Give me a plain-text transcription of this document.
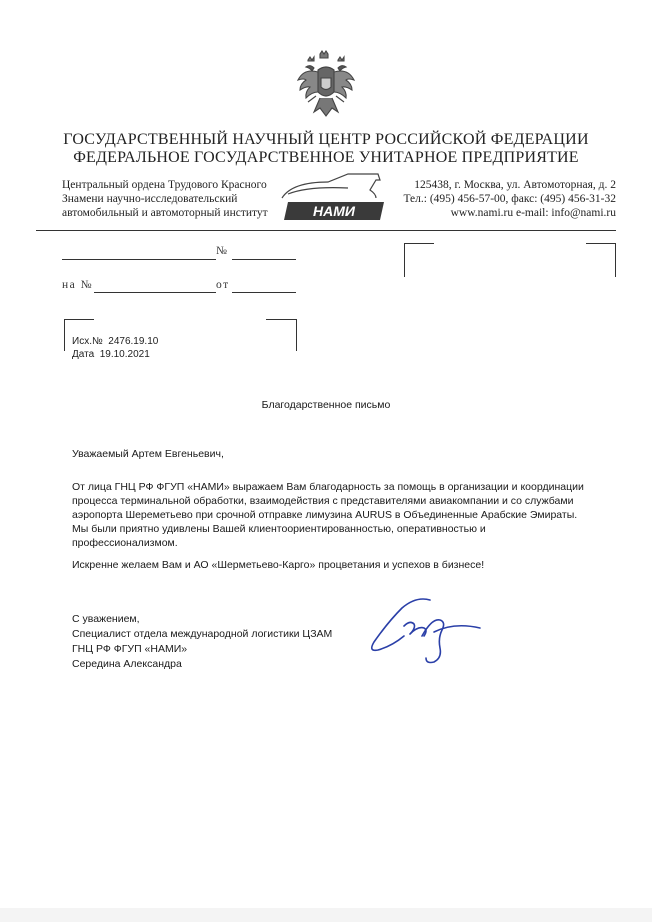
ГОСУДАРСТВЕННЫЙ НАУЧНЫЙ ЦЕНТР РОССИЙСКОЙ ФЕДЕРАЦИИ
ФЕДЕРАЛЬНОЕ ГОСУДАРСТВЕННОЕ УНИТАРНОЕ ПРЕДПРИЯТИЕ
Центральный ордена Трудового Красного
Знамени научно-исследовательский
автомобильный и автомоторный институт	НАМИ
125438, г. Москва, ул. Автомоторная, д. 2
Тел.: (495) 456-57-00, факс: (495) 456-31-32
www.nami.ru e-mail: info@nami.ru
№
на №	от
Исх.№ 2476.19.10
Дата 19.10.2021
Благодарственное письмо
Уважаемый Артем Евгеньевич,
От лица ГНЦ РФ ФГУП «НАМИ» выражаем Вам благодарность за помощь в организации и координации
процесса терминальной обработки, взаимодействия с представителями авиакомпании и со службами
аэропорта Шереметьево при срочной отправке лимузина AURUS в Объединенные Арабские Эмираты.
Мы были приятно удивлены Вашей клиентоориентированностью, оперативностью и
профессионализмом.
Искренне желаем Вам и АО «Шерметьево-Карго» процветания и успехов в бизнесе!
С уважением,
Специалист отдела международной логистики ЦЗАМ
ГНЦ РФ ФГУП «НАМИ»
Середина Александра
